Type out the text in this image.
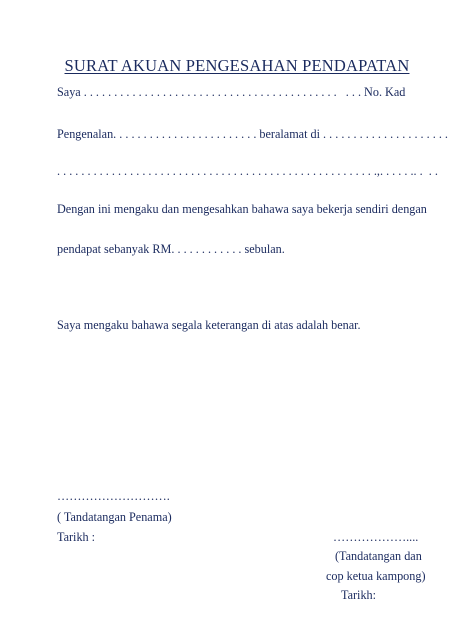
SURAT AKUAN PENGESAHAN PENDAPATAN
Saya . . . . . . . . . . . . . . . . . . . . . . . . . . . . . . . . . . . . . . . . . .   . . . No. Kad
Pengenalan. . . . . . . . . . . . . . . . . . . . . . . . beralamat di . . . . . . . . . . . . . . . . . . . . .
. . . . . . . . . . . . . . . . . . . . . . . . . . . . . . . . . . . . . . . . . . . . . . . . . . . . .,. . . . . .. .  . .
Dengan ini mengaku dan mengesahkan bahawa saya bekerja sendiri dengan
pendapat sebanyak RM. . . . . . . . . . . . sebulan.
Saya mengaku bahawa segala keterangan di atas adalah benar.
……………………….
( Tandatangan Penama)
Tarikh :	………………....
(Tandatangan dan
cop ketua kampong)
Tarikh:
